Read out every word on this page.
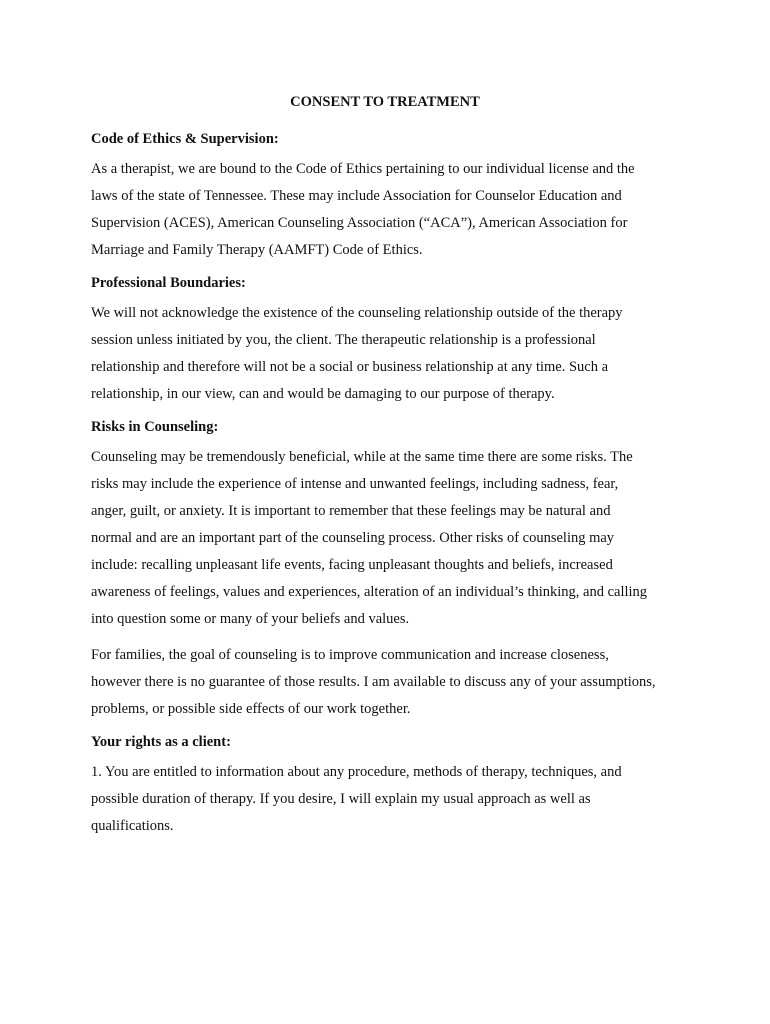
CONSENT TO TREATMENT

Code of Ethics & Supervision:

As a therapist, we are bound to the Code of Ethics pertaining to our individual license and the
laws of the state of Tennessee. These may include Association for Counselor Education and
Supervision (ACES), American Counseling Association (“ACA”), American Association for
Marriage and Family Therapy (AAMFT) Code of Ethics.

Professional Boundaries:

We will not acknowledge the existence of the counseling relationship outside of the therapy
session unless initiated by you, the client. The therapeutic relationship is a professional
relationship and therefore will not be a social or business relationship at any time. Such a
relationship, in our view, can and would be damaging to our purpose of therapy.

Risks in Counseling:

Counseling may be tremendously beneficial, while at the same time there are some risks. The
risks may include the experience of intense and unwanted feelings, including sadness, fear,
anger, guilt, or anxiety. It is important to remember that these feelings may be natural and
normal and are an important part of the counseling process. Other risks of counseling may
include: recalling unpleasant life events, facing unpleasant thoughts and beliefs, increased
awareness of feelings, values and experiences, alteration of an individual’s thinking, and calling
into question some or many of your beliefs and values.

For families, the goal of counseling is to improve communication and increase closeness,
however there is no guarantee of those results. I am available to discuss any of your assumptions,
problems, or possible side effects of our work together.

Your rights as a client:

1. You are entitled to information about any procedure, methods of therapy, techniques, and
possible duration of therapy. If you desire, I will explain my usual approach as well as
qualifications.
